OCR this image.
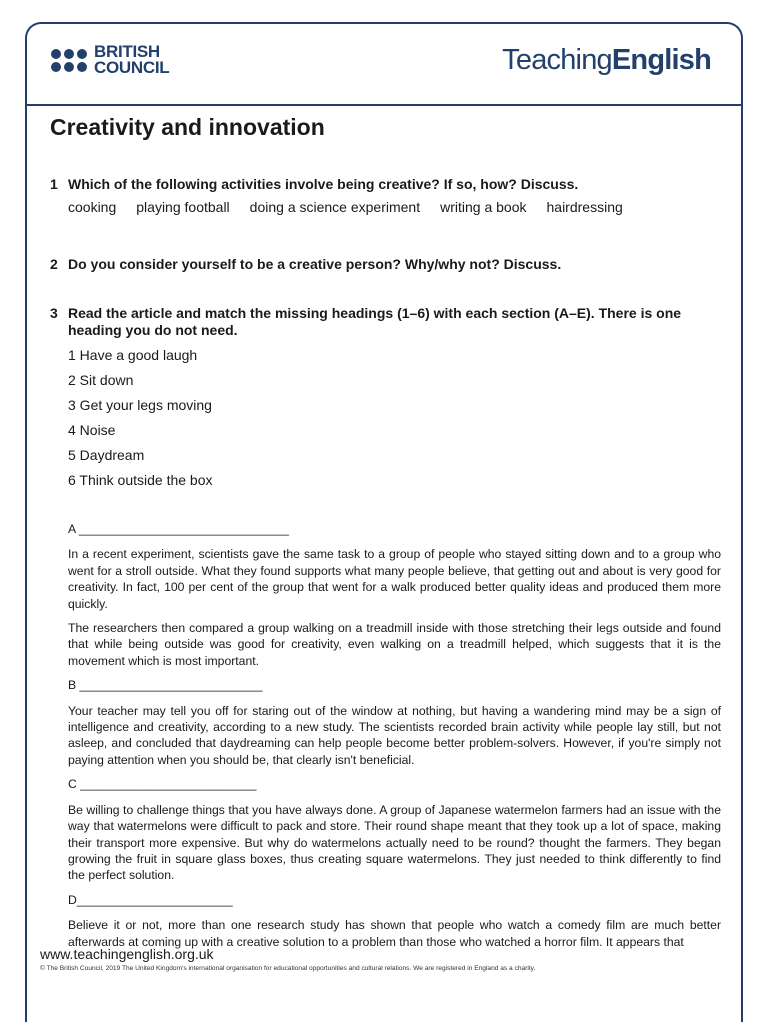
BRITISH
COUNCIL	TeachingEnglish
Creativity and innovation
1 Which of the following activities involve being creative? If so, how? Discuss.
cooking playing football doing a science experiment writing a book hairdressing
2 Do you consider yourself to be a creative person? Why/why not? Discuss.
3 Read the article and match the missing headings (1–6) with each section (A–E). There is one heading you do not need.
1 Have a good laugh
2 Sit down
3 Get your legs moving
4 Noise
5 Daydream
6 Think outside the box

A _______________________________

In a recent experiment, scientists gave the same task to a group of people who stayed sitting down and to a group who went for a stroll outside. What they found supports what many people believe, that getting out and about is very good for creativity. In fact, 100 per cent of the group that went for a walk produced better quality ideas and produced them more quickly.

The researchers then compared a group walking on a treadmill inside with those stretching their legs outside and found that while being outside was good for creativity, even walking on a treadmill helped, which suggests that it is the movement which is most important.

B ___________________________

Your teacher may tell you off for staring out of the window at nothing, but having a wandering mind may be a sign of intelligence and creativity, according to a new study. The scientists recorded brain activity while people lay still, but not asleep, and concluded that daydreaming can help people become better problem-solvers. However, if you're simply not paying attention when you should be, that clearly isn't beneficial.

C __________________________

Be willing to challenge things that you have always done. A group of Japanese watermelon farmers had an issue with the way that watermelons were difficult to pack and store. Their round shape meant that they took up a lot of space, making their transport more expensive. But why do watermelons actually need to be round? thought the farmers. They began growing the fruit in square glass boxes, thus creating square watermelons. They just needed to think differently to find the perfect solution.

D_______________________

Believe it or not, more than one research study has shown that people who watch a comedy film are much better afterwards at coming up with a creative solution to a problem than those who watched a horror film. It appears that

www.teachingenglish.org.uk
© The British Council, 2019 The United Kingdom's international organisation for educational opportunities and cultural relations. We are registered in England as a charity.
